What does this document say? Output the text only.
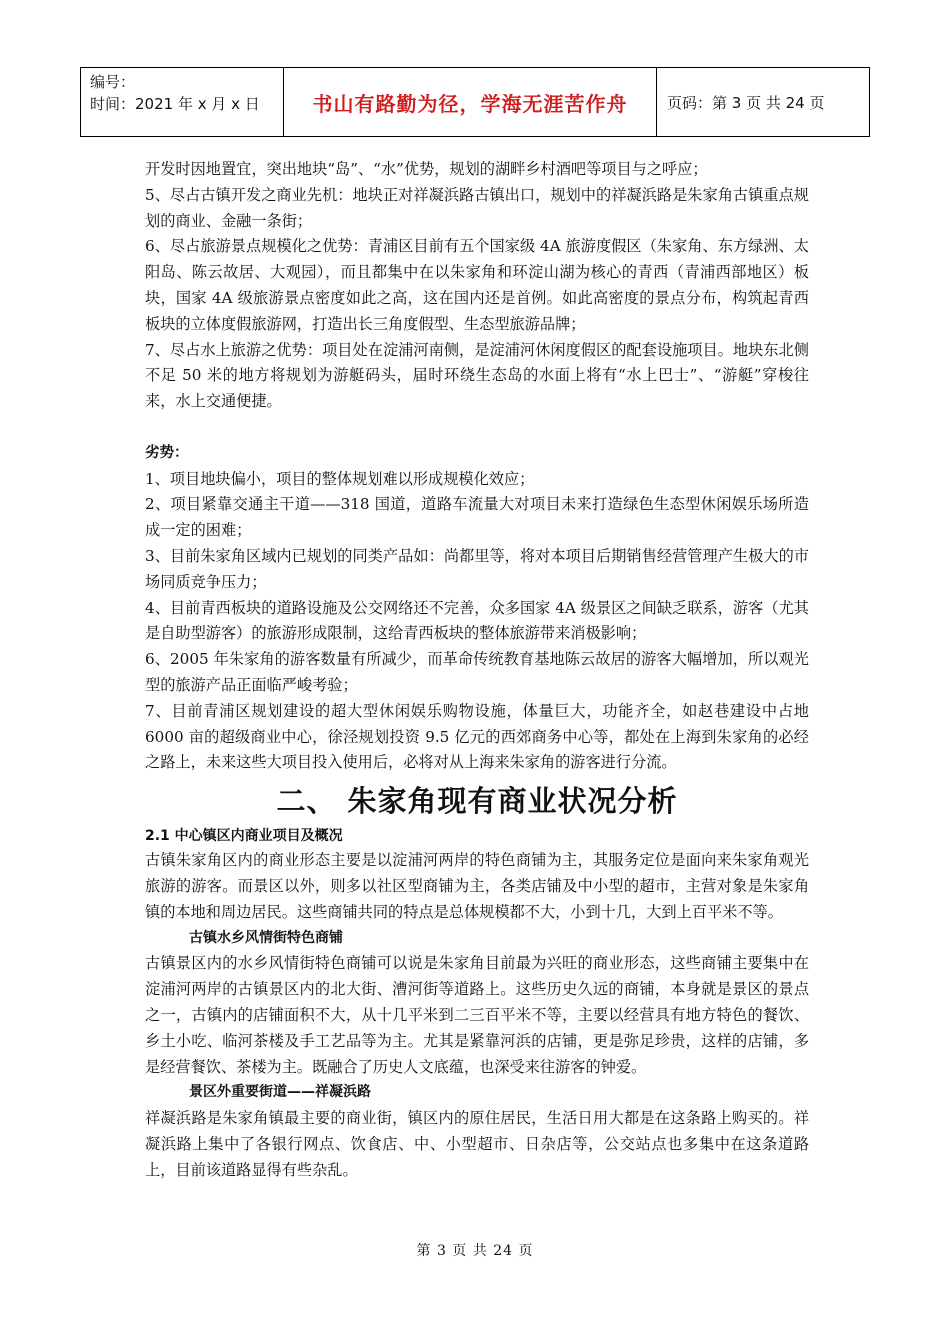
编号：
时间：2021 年 x 月 x 日	书山有路勤为径，学海无涯苦作舟	页码：第 3 页 共 24 页

开发时因地置宜，突出地块“岛”、“水”优势，规划的湖畔乡村酒吧等项目与之呼应；

5、尽占古镇开发之商业先机：地块正对祥凝浜路古镇出口，规划中的祥凝浜路是朱家角古镇重点规划的商业、金融一条街；

6、尽占旅游景点规模化之优势：青浦区目前有五个国家级 4A 旅游度假区（朱家角、东方绿洲、太阳岛、陈云故居、大观园），而且都集中在以朱家角和环淀山湖为核心的青西（青浦西部地区）板块，国家 4A 级旅游景点密度如此之高，这在国内还是首例。如此高密度的景点分布，构筑起青西板块的立体度假旅游网，打造出长三角度假型、生态型旅游品牌；

7、尽占水上旅游之优势：项目处在淀浦河南侧，是淀浦河休闲度假区的配套设施项目。地块东北侧不足 50 米的地方将规划为游艇码头，届时环绕生态岛的水面上将有“水上巴士”、“游艇”穿梭往来，水上交通便捷。

劣势：

1、项目地块偏小，项目的整体规划难以形成规模化效应；

2、项目紧靠交通主干道——318 国道，道路车流量大对项目未来打造绿色生态型休闲娱乐场所造成一定的困难；

3、目前朱家角区域内已规划的同类产品如：尚都里等，将对本项目后期销售经营管理产生极大的市场同质竞争压力；

4、目前青西板块的道路设施及公交网络还不完善，众多国家 4A 级景区之间缺乏联系，游客（尤其是自助型游客）的旅游形成限制，这给青西板块的整体旅游带来消极影响；

6、2005 年朱家角的游客数量有所减少，而革命传统教育基地陈云故居的游客大幅增加，所以观光型的旅游产品正面临严峻考验；

7、目前青浦区规划建设的超大型休闲娱乐购物设施，体量巨大，功能齐全，如赵巷建设中占地 6000 亩的超级商业中心，徐泾规划投资 9.5 亿元的西郊商务中心等，都处在上海到朱家角的必经之路上，未来这些大项目投入使用后，必将对从上海来朱家角的游客进行分流。

二、 朱家角现有商业状况分析
2.1 中心镇区内商业项目及概况

古镇朱家角区内的商业形态主要是以淀浦河两岸的特色商铺为主，其服务定位是面向来朱家角观光旅游的游客。而景区以外，则多以社区型商铺为主，各类店铺及中小型的超市，主营对象是朱家角镇的本地和周边居民。这些商铺共同的特点是总体规模都不大，小到十几，大到上百平米不等。

古镇水乡风情街特色商铺

古镇景区内的水乡风情街特色商铺可以说是朱家角目前最为兴旺的商业形态，这些商铺主要集中在淀浦河两岸的古镇景区内的北大街、漕河街等道路上。这些历史久远的商铺，本身就是景区的景点之一，古镇内的店铺面积不大，从十几平米到二三百平米不等，主要以经营具有地方特色的餐饮、乡土小吃、临河茶楼及手工艺品等为主。尤其是紧靠河浜的店铺，更是弥足珍贵，这样的店铺，多是经营餐饮、茶楼为主。既融合了历史人文底蕴，也深受来往游客的钟爱。

景区外重要街道——祥凝浜路

祥凝浜路是朱家角镇最主要的商业街，镇区内的原住居民，生活日用大都是在这条路上购买的。祥凝浜路上集中了各银行网点、饮食店、中、小型超市、日杂店等，公交站点也多集中在这条道路上，目前该道路显得有些杂乱。

第 3 页 共 24 页
